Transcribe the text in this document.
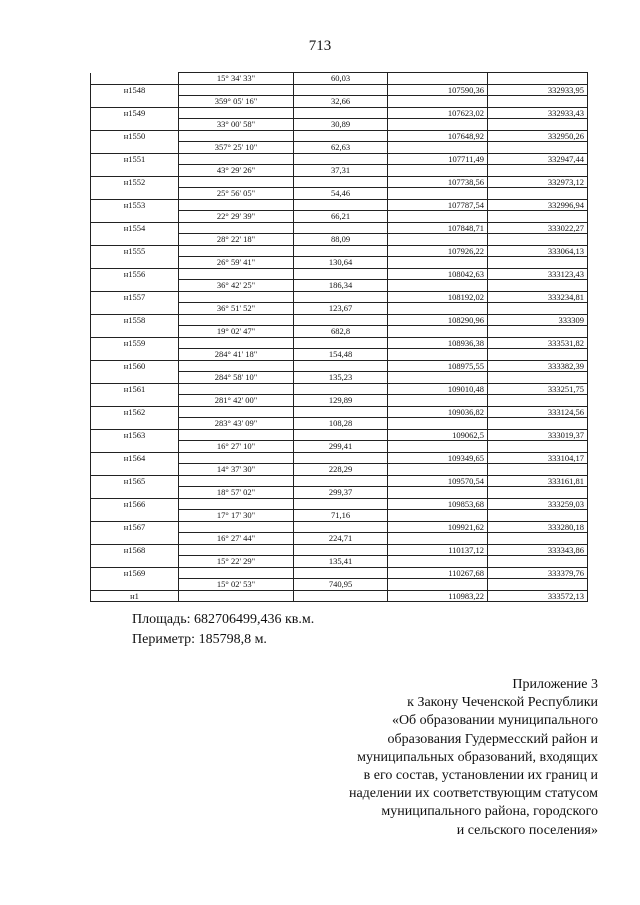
713
	15° 34' 33"	60,03		
н1548			107590,36	332933,95
	359° 05' 16"	32,66		
н1549			107623,02	332933,43
	33° 00' 58"	30,89		
н1550			107648,92	332950,26
	357° 25' 10"	62,63		
н1551			107711,49	332947,44
	43° 29' 26"	37,31		
н1552			107738,56	332973,12
	25° 56' 05"	54,46		
н1553			107787,54	332996,94
	22° 29' 39"	66,21		
н1554			107848,71	333022,27
	28° 22' 18"	88,09		
н1555			107926,22	333064,13
	26° 59' 41"	130,64		
н1556			108042,63	333123,43
	36° 42' 25"	186,34		
н1557			108192,02	333234,81
	36° 51' 52"	123,67		
н1558			108290,96	333309
	19° 02' 47"	682,8		
н1559			108936,38	333531,82
	284° 41' 18"	154,48		
н1560			108975,55	333382,39
	284° 58' 10"	135,23		
н1561			109010,48	333251,75
	281° 42' 00"	129,89		
н1562			109036,82	333124,56
	283° 43' 09"	108,28		
н1563			109062,5	333019,37
	16° 27' 10"	299,41		
н1564			109349,65	333104,17
	14° 37' 30"	228,29		
н1565			109570,54	333161,81
	18° 57' 02"	299,37		
н1566			109853,68	333259,03
	17° 17' 30"	71,16		
н1567			109921,62	333280,18
	16° 27' 44"	224,71		
н1568			110137,12	333343,86
	15° 22' 29"	135,41		
н1569			110267,68	333379,76
	15° 02' 53"	740,95		
н1			110983,22	333572,13
Площадь: 682706499,436 кв.м.
Периметр: 185798,8 м.
Приложение 3
к Закону Чеченской Республики
«Об образовании муниципального
образования Гудермесский район и
муниципальных образований, входящих
в его состав, установлении их границ и
наделении их соответствующим статусом
муниципального района, городского
и сельского поселения»
